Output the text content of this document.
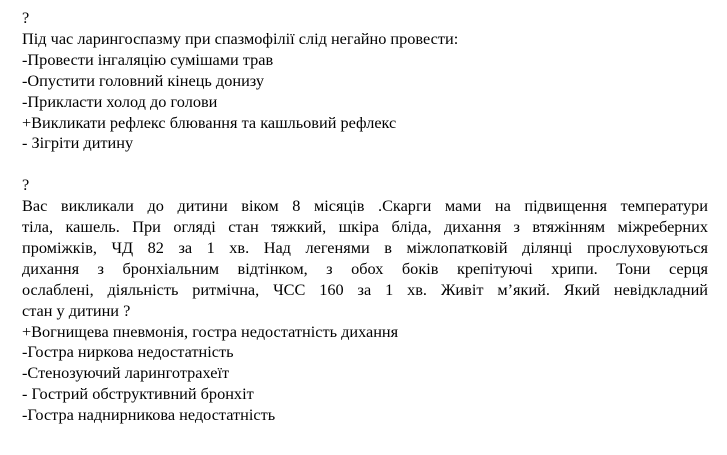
?
Під час ларингоспазму при спазмофілії слід негайно провести:
-Провести інгаляцію сумішами трав
-Опустити головний кінець донизу
-Прикласти холод до голови
+Викликати рефлекс блювання та кашльовий рефлекс
- Зігріти дитину
?
Вас викликали до дитини віком 8 місяців .Скарги мами на підвищення температури
тіла, кашель. При огляді стан тяжкий, шкіра бліда, дихання з втяжінням міжреберних
проміжків, ЧД 82 за 1 хв. Над легенями в міжлопатковій ділянці прослуховуються
дихання з бронхіальним відтінком, з обох боків крепітуючі хрипи. Тони серця
ослаблені, діяльність ритмічна, ЧСС 160 за 1 хв. Живіт м’який. Який невідкладний
стан у дитини ?
+Вогнищева пневмонія, гостра недостатність дихання
-Гостра ниркова недостатність
-Стенозуючий ларинготрахеїт
- Гострий обструктивний бронхіт
-Гостра наднирникова недостатність
